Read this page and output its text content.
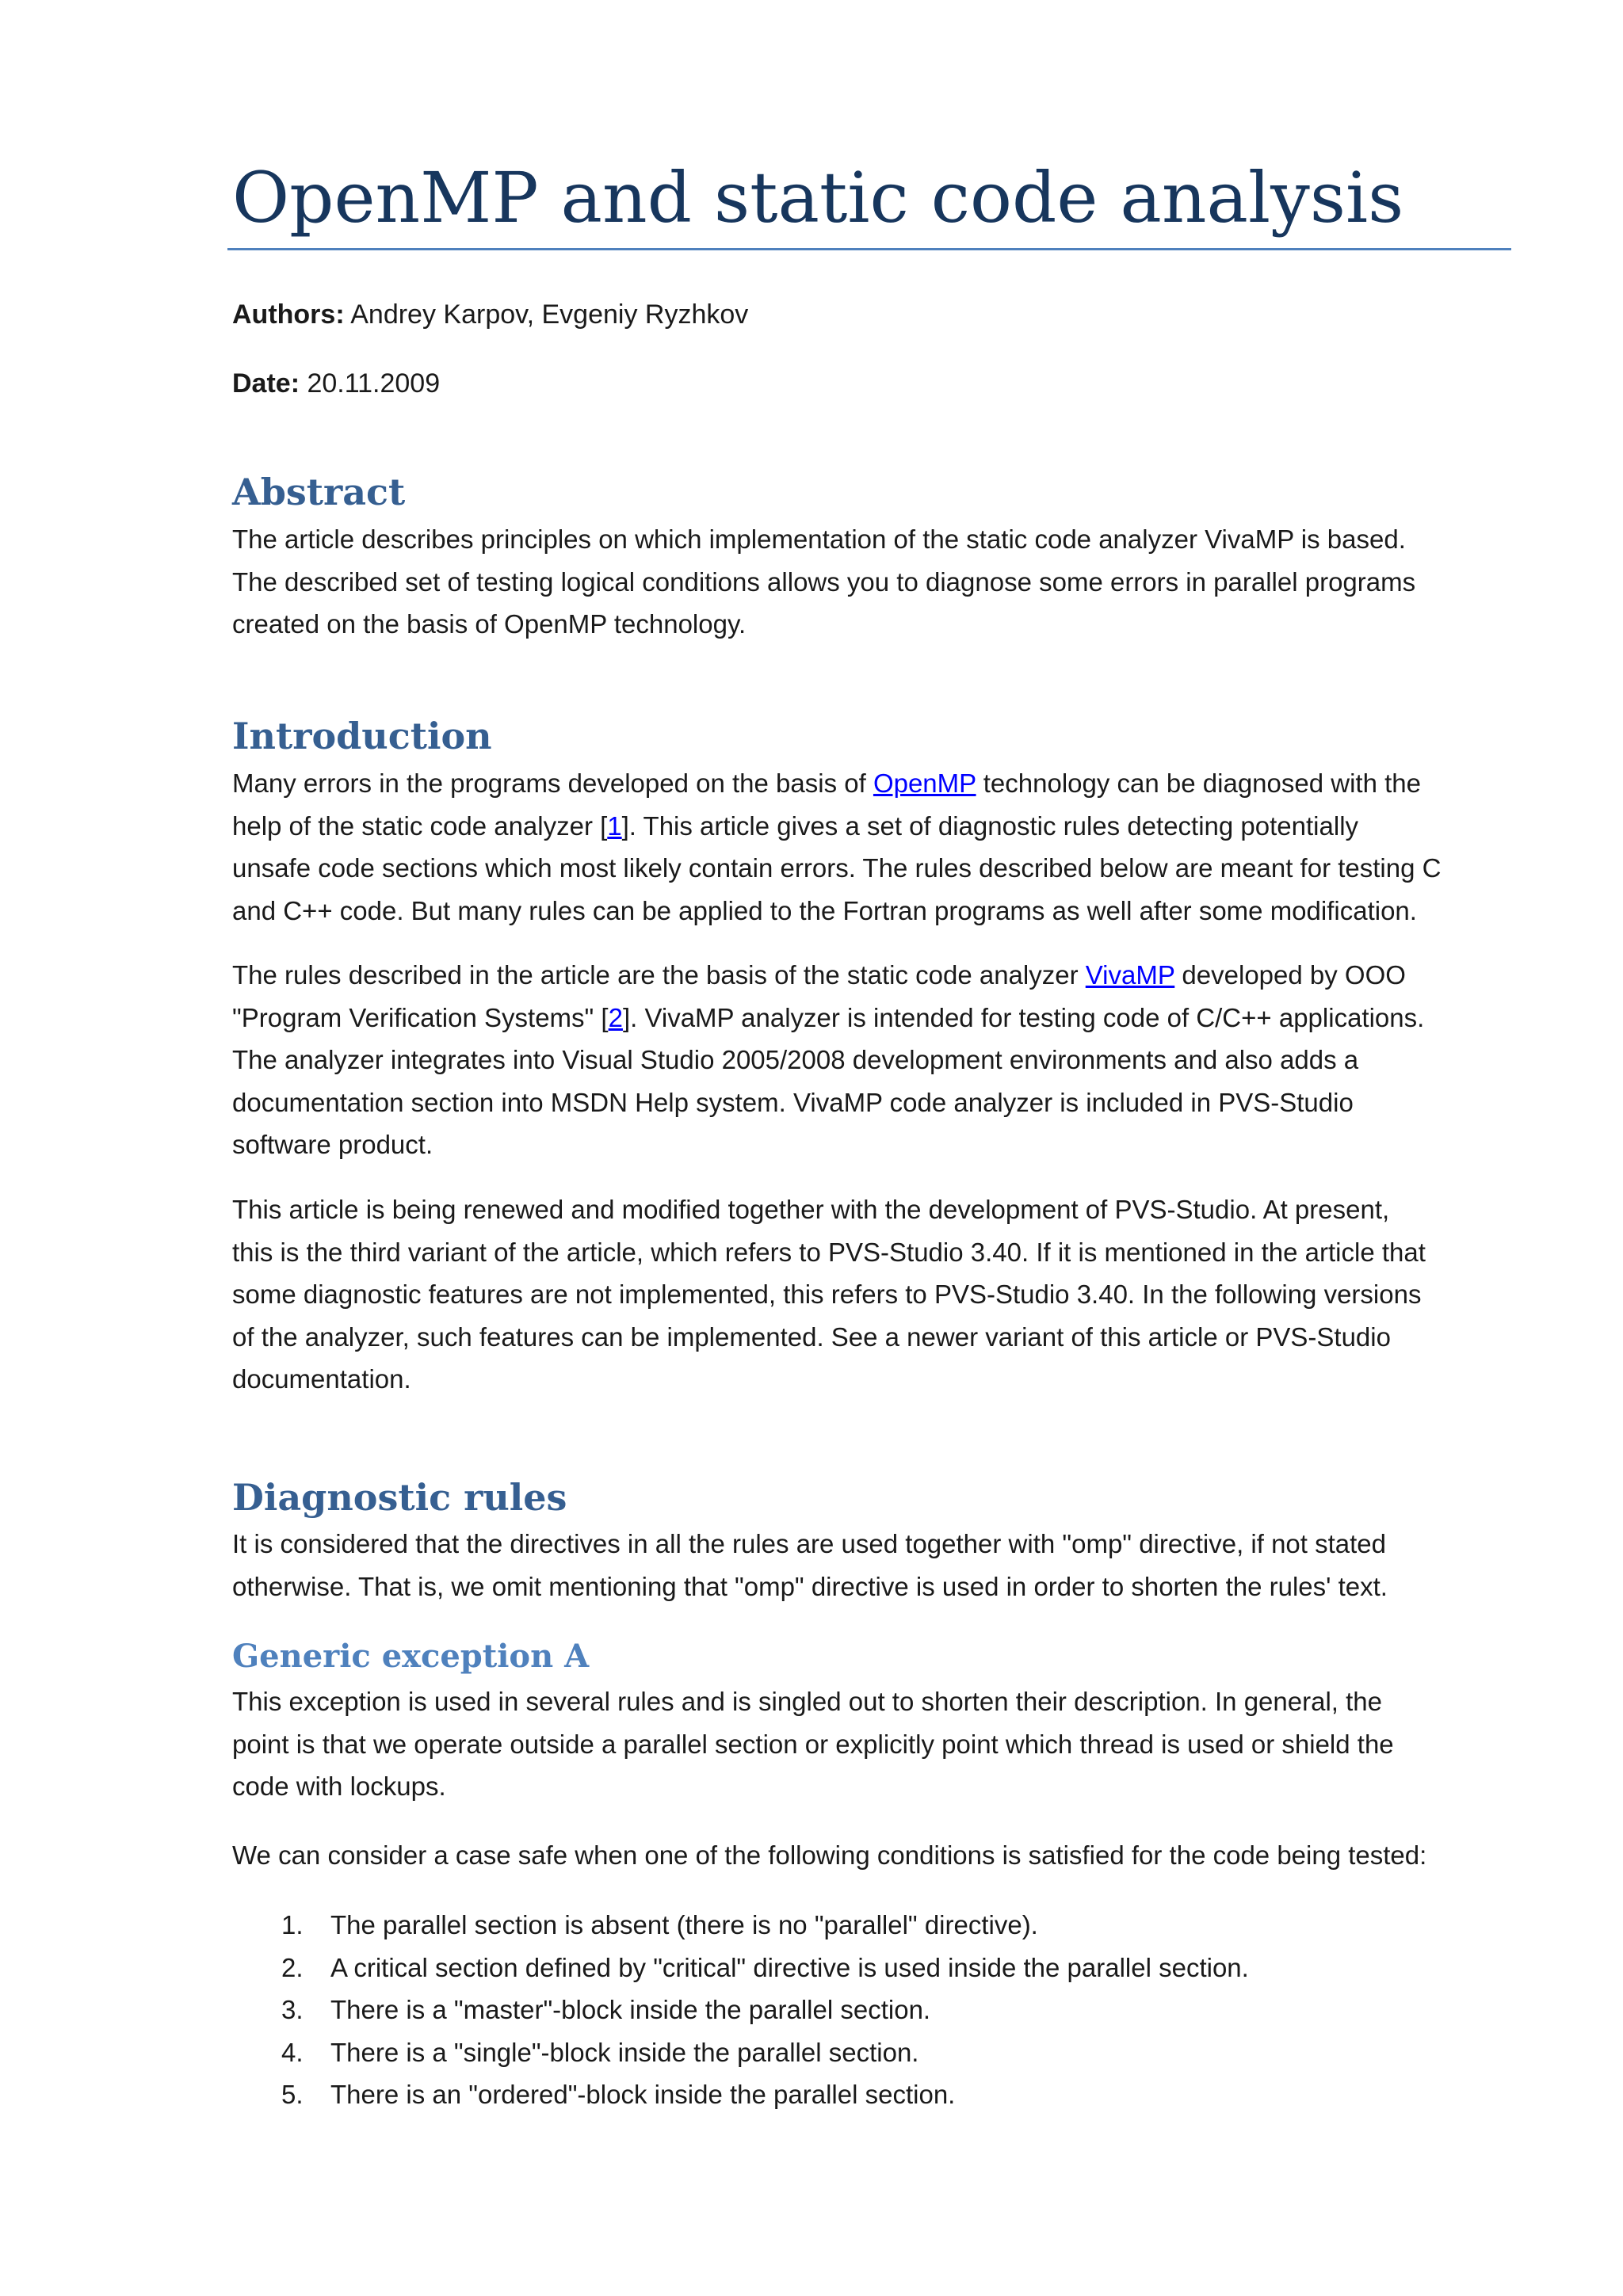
OpenMP and static code analysis

Authors: Andrey Karpov, Evgeniy Ryzhkov

Date: 20.11.2009

Abstract

The article describes principles on which implementation of the static code analyzer VivaMP is based.
The described set of testing logical conditions allows you to diagnose some errors in parallel programs
created on the basis of OpenMP technology.

Introduction

Many errors in the programs developed on the basis of OpenMP technology can be diagnosed with the
help of the static code analyzer [1]. This article gives a set of diagnostic rules detecting potentially
unsafe code sections which most likely contain errors. The rules described below are meant for testing C
and C++ code. But many rules can be applied to the Fortran programs as well after some modification.

The rules described in the article are the basis of the static code analyzer VivaMP developed by OOO
"Program Verification Systems" [2]. VivaMP analyzer is intended for testing code of C/C++ applications.
The analyzer integrates into Visual Studio 2005/2008 development environments and also adds a
documentation section into MSDN Help system. VivaMP code analyzer is included in PVS-Studio
software product.

This article is being renewed and modified together with the development of PVS-Studio. At present,
this is the third variant of the article, which refers to PVS-Studio 3.40. If it is mentioned in the article that
some diagnostic features are not implemented, this refers to PVS-Studio 3.40. In the following versions
of the analyzer, such features can be implemented. See a newer variant of this article or PVS-Studio
documentation.

Diagnostic rules

It is considered that the directives in all the rules are used together with "omp" directive, if not stated
otherwise. That is, we omit mentioning that "omp" directive is used in order to shorten the rules' text.

Generic exception A

This exception is used in several rules and is singled out to shorten their description. In general, the
point is that we operate outside a parallel section or explicitly point which thread is used or shield the
code with lockups.

We can consider a case safe when one of the following conditions is satisfied for the code being tested:

1. The parallel section is absent (there is no "parallel" directive).
2. A critical section defined by "critical" directive is used inside the parallel section.
3. There is a "master"-block inside the parallel section.
4. There is a "single"-block inside the parallel section.
5. There is an "ordered"-block inside the parallel section.
